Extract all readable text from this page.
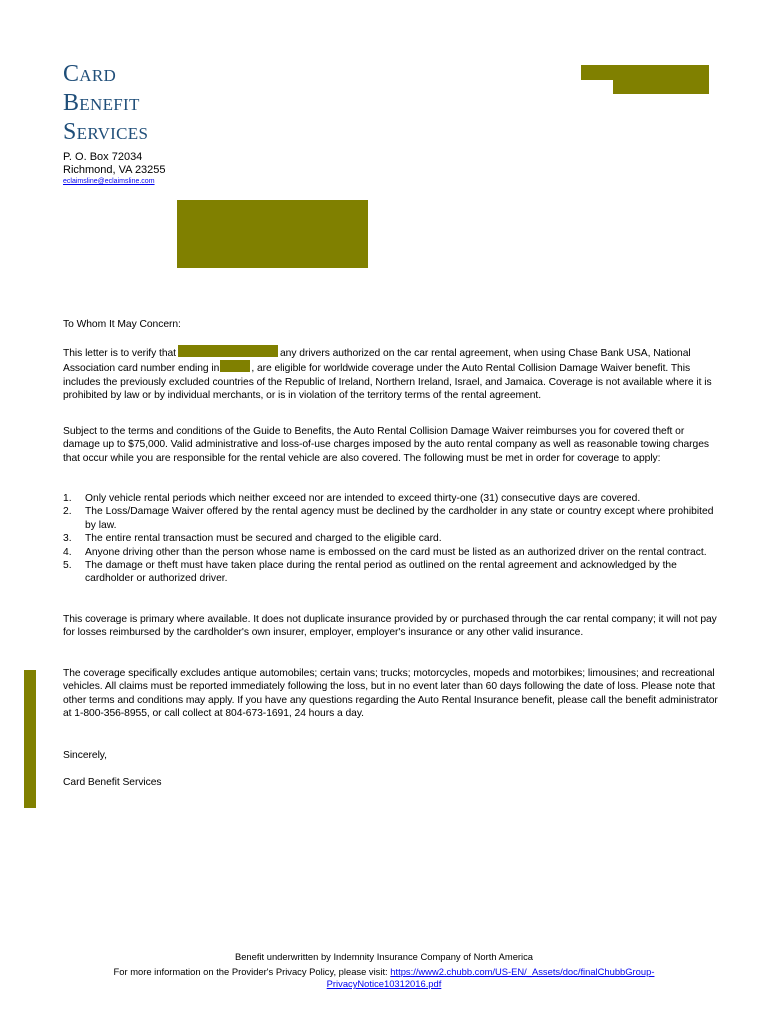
Card
Benefit
Services
P. O. Box 72034
Richmond, VA 23255
eclaimsline@eclaimsline.com
To Whom It May Concern:
This letter is to verify that	any drivers authorized on the car rental agreement, when using Chase Bank USA, National Association card number ending in	, are eligible for worldwide coverage under the Auto Rental Collision Damage Waiver benefit. This includes the previously excluded countries of the Republic of Ireland, Northern Ireland, Israel, and Jamaica. Coverage is not available where it is prohibited by law or by individual merchants, or is in violation of the territory terms of the rental agreement.
Subject to the terms and conditions of the Guide to Benefits, the Auto Rental Collision Damage Waiver reimburses you for covered theft or damage up to $75,000. Valid administrative and loss-of-use charges imposed by the auto rental company as well as reasonable towing charges that occur while you are responsible for the rental vehicle are also covered. The following must be met in order for coverage to apply:
1. Only vehicle rental periods which neither exceed nor are intended to exceed thirty-one (31) consecutive days are covered.
2. The Loss/Damage Waiver offered by the rental agency must be declined by the cardholder in any state or country except where prohibited by law.
3. The entire rental transaction must be secured and charged to the eligible card.
4. Anyone driving other than the person whose name is embossed on the card must be listed as an authorized driver on the rental contract.
5. The damage or theft must have taken place during the rental period as outlined on the rental agreement and acknowledged by the cardholder or authorized driver.
This coverage is primary where available. It does not duplicate insurance provided by or purchased through the car rental company; it will not pay for losses reimbursed by the cardholder's own insurer, employer, employer's insurance or any other valid insurance.
The coverage specifically excludes antique automobiles; certain vans; trucks; motorcycles, mopeds and motorbikes; limousines; and recreational vehicles. All claims must be reported immediately following the loss, but in no event later than 60 days following the date of loss. Please note that other terms and conditions may apply. If you have any questions regarding the Auto Rental Insurance benefit, please call the benefit administrator at 1-800-356-8955, or call collect at 804-673-1691, 24 hours a day.
Sincerely,
Card Benefit Services
Benefit underwritten by Indemnity Insurance Company of North America
For more information on the Provider's Privacy Policy, please visit: https://www2.chubb.com/US-EN/_Assets/doc/finalChubbGroup-PrivacyNotice10312016.pdf
